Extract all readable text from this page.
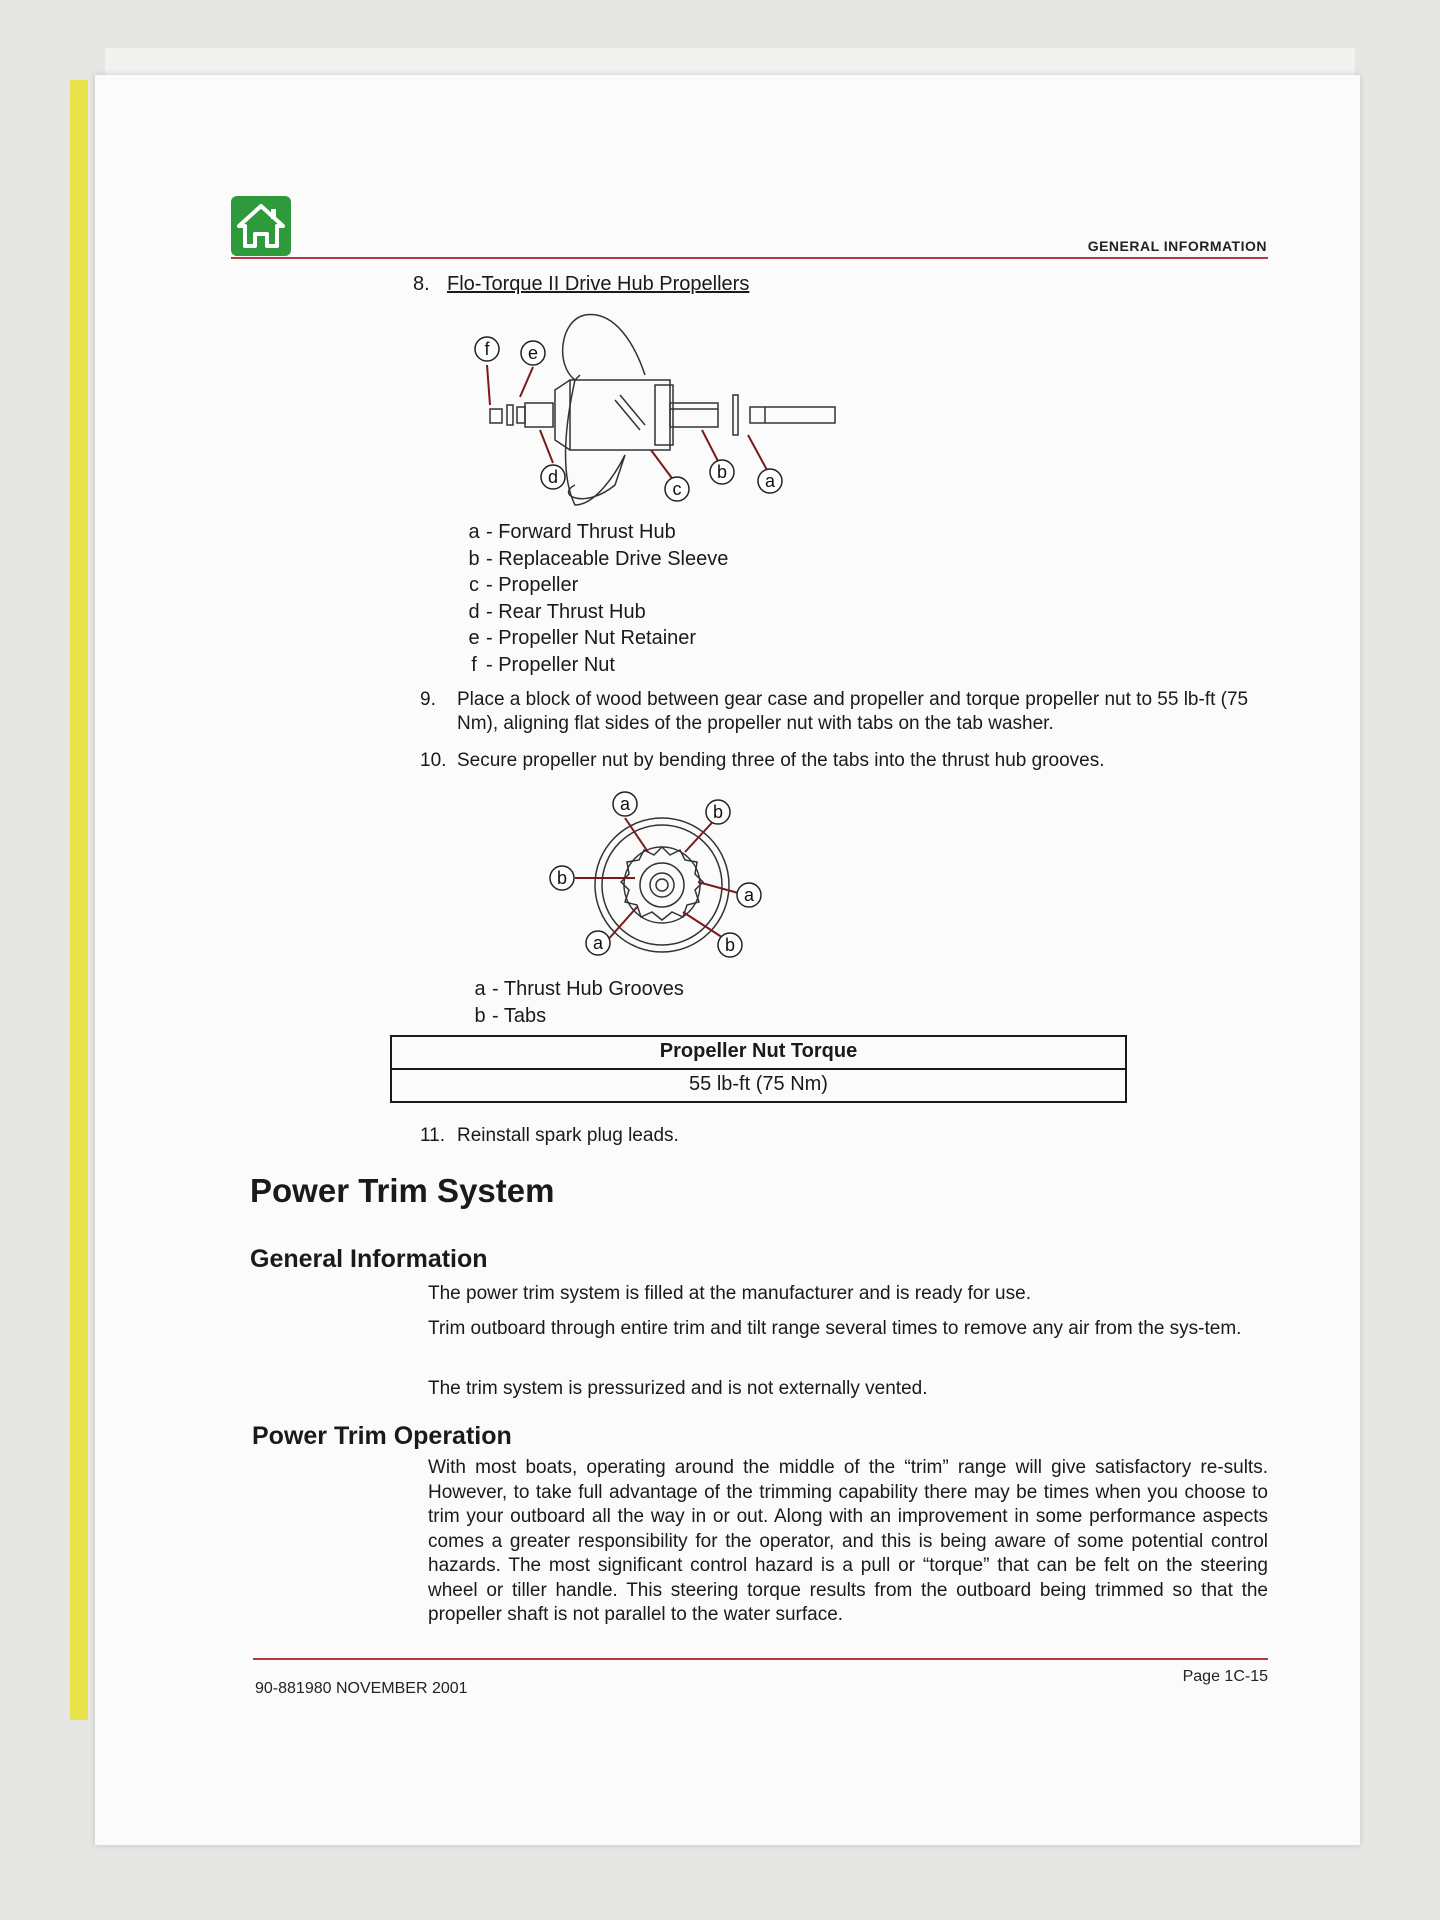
GENERAL INFORMATION
8. Flo-Torque II Drive Hub Propellers
f e
d
c
b a
a - Forward Thrust Hub
b - Replaceable Drive Sleeve
c - Propeller
d - Rear Thrust Hub
e - Propeller Nut Retainer
f - Propeller Nut
9. Place a block of wood between gear case and propeller and torque propeller nut to 55 lb-ft (75 Nm), aligning flat sides of the propeller nut with tabs on the tab washer.
10. Secure propeller nut by bending three of the tabs into the thrust hub grooves.
a	b
b
a
a	b
a - Thrust Hub Grooves
b - Tabs
Propeller Nut Torque
55 lb-ft (75 Nm)
11. Reinstall spark plug leads.
Power Trim System
General Information
The power trim system is filled at the manufacturer and is ready for use.
Trim outboard through entire trim and tilt range several times to remove any air from the sys-tem.
The trim system is pressurized and is not externally vented.
Power Trim Operation
With most boats, operating around the middle of the “trim” range will give satisfactory re-sults. However, to take full advantage of the trimming capability there may be times when you choose to trim your outboard all the way in or out. Along with an improvement in some performance aspects comes a greater responsibility for the operator, and this is being aware of some potential control hazards. The most significant control hazard is a pull or “torque” that can be felt on the steering wheel or tiller handle. This steering torque results from the outboard being trimmed so that the propeller shaft is not parallel to the water surface.
90-881980 NOVEMBER 2001
Page 1C-15
